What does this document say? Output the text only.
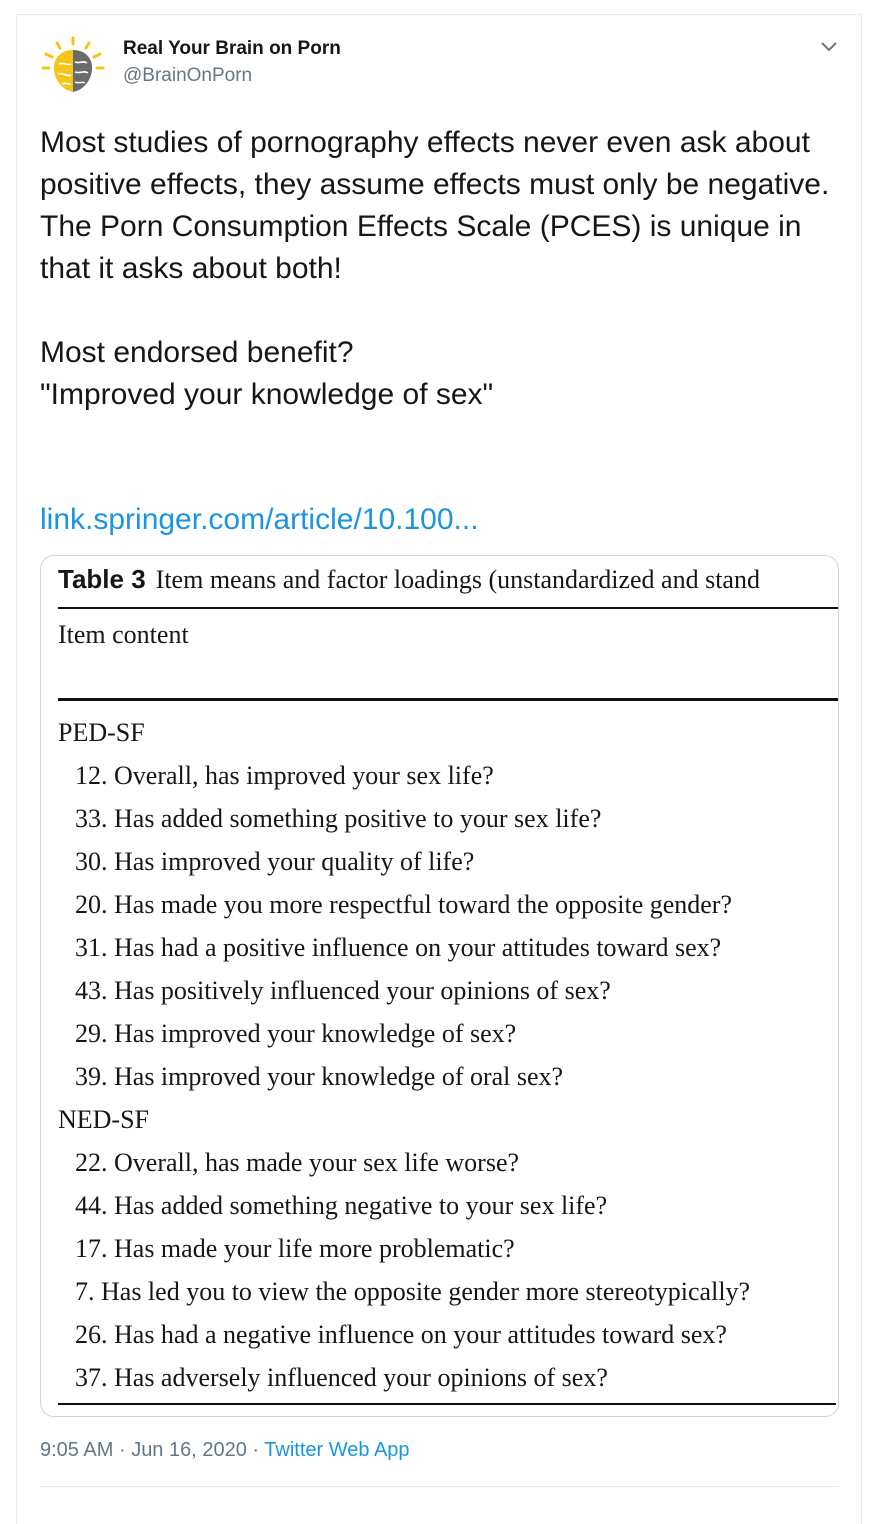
Real Your Brain on Porn
@BrainOnPorn

Most studies of pornography effects never even ask about positive effects, they assume effects must only be negative.

The Porn Consumption Effects Scale (PCES) is unique in that it asks about both!

Most endorsed benefit?

"Improved your knowledge of sex"

link.springer.com/article/10.100...
Table 3 Item means and factor loadings (unstandardized and stand
Item content
PED-SF
12. Overall, has improved your sex life?
33. Has added something positive to your sex life?
30. Has improved your quality of life?
20. Has made you more respectful toward the opposite gender?
31. Has had a positive influence on your attitudes toward sex?
43. Has positively influenced your opinions of sex?
29. Has improved your knowledge of sex?
39. Has improved your knowledge of oral sex?
NED-SF
22. Overall, has made your sex life worse?
44. Has added something negative to your sex life?
17. Has made your life more problematic?
7. Has led you to view the opposite gender more stereotypically?
26. Has had a negative influence on your attitudes toward sex?
37. Has adversely influenced your opinions of sex?
9:05 AM · Jun 16, 2020 · Twitter Web App
